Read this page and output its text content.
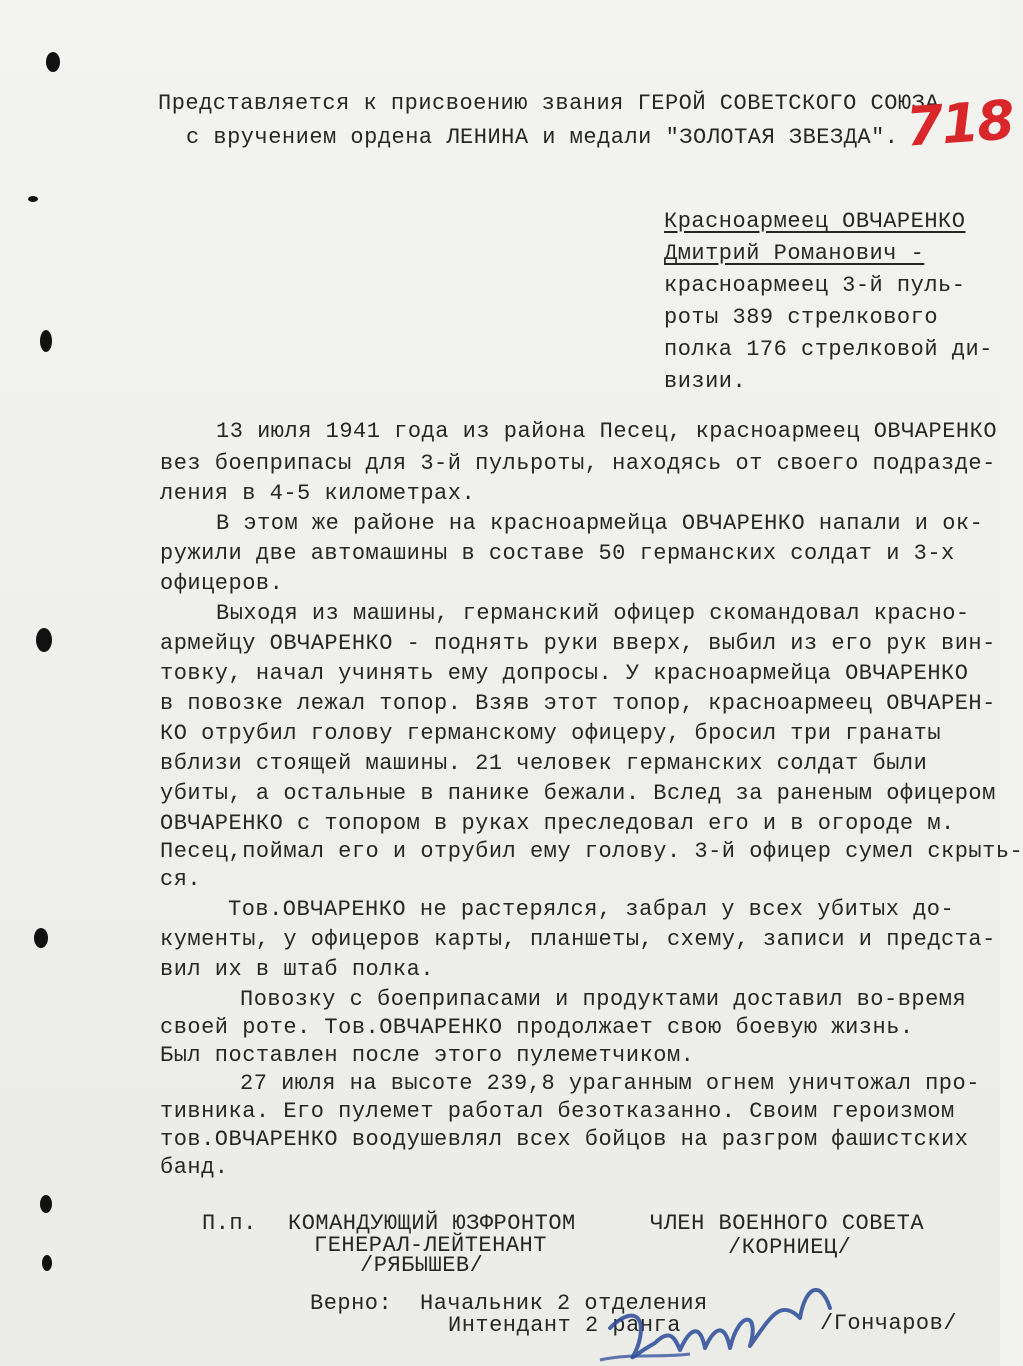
Представляется к присвоению звания ГЕРОЙ СОВЕТСКОГО СОЮЗА
с вручением ордена ЛЕНИНА и медали "ЗОЛОТАЯ ЗВЕЗДА". 718
Красноармеец ОВЧАРЕНКО
Дмитрий Романович -
красноармеец 3-й пуль-
роты 389 стрелкового
полка 176 стрелковой ди-
визии.
13 июля 1941 года из района Песец, красноармеец ОВЧАРЕНКО
вез боеприпасы для 3-й пульроты, находясь от своего подразде-
ления в 4-5 километрах.
В этом же районе на красноармейца ОВЧАРЕНКО напали и ок-
ружили две автомашины в составе 50 германских солдат и 3-х
офицеров.
Выходя из машины, германский офицер скомандовал красно-
армейцу ОВЧАРЕНКО - поднять руки вверх, выбил из его рук вин-
товку, начал учинять ему допросы. У красноармейца ОВЧАРЕНКО
в повозке лежал топор. Взяв этот топор, красноармеец ОВЧАРЕН-
КО отрубил голову германскому офицеру, бросил три гранаты
вблизи стоящей машины. 21 человек германских солдат были
убиты, а остальные в панике бежали. Вслед за раненым офицером
ОВЧАРЕНКО с топором в руках преследовал его и в огороде м.
Песец,поймал его и отрубил ему голову. 3-й офицер сумел скрыть-
ся.
Тов.ОВЧАРЕНКО не растерялся, забрал у всех убитых до-
кументы, у офицеров карты, планшеты, схему, записи и предста-
вил их в штаб полка.
Повозку с боеприпасами и продуктами доставил во-время
своей роте. Тов.ОВЧАРЕНКО продолжает свою боевую жизнь.
Был поставлен после этого пулеметчиком.
27 июля на высоте 239,8 ураганным огнем уничтожал про-
тивника. Его пулемет работал безотказанно. Своим героизмом
тов.ОВЧАРЕНКО воодушевлял всех бойцов на разгром фашистских
банд.
П.п. КОМАНДУЮЩИЙ ЮЗФРОНТОМ
ГЕНЕРАЛ-ЛЕЙТЕНАНТ
/РЯБЫШЕВ/
ЧЛЕН ВОЕННОГО СОВЕТА
/КОРНИЕЦ/
Верно: Начальник 2 отделения
Интендант 2 ранга	/Гончаров/
